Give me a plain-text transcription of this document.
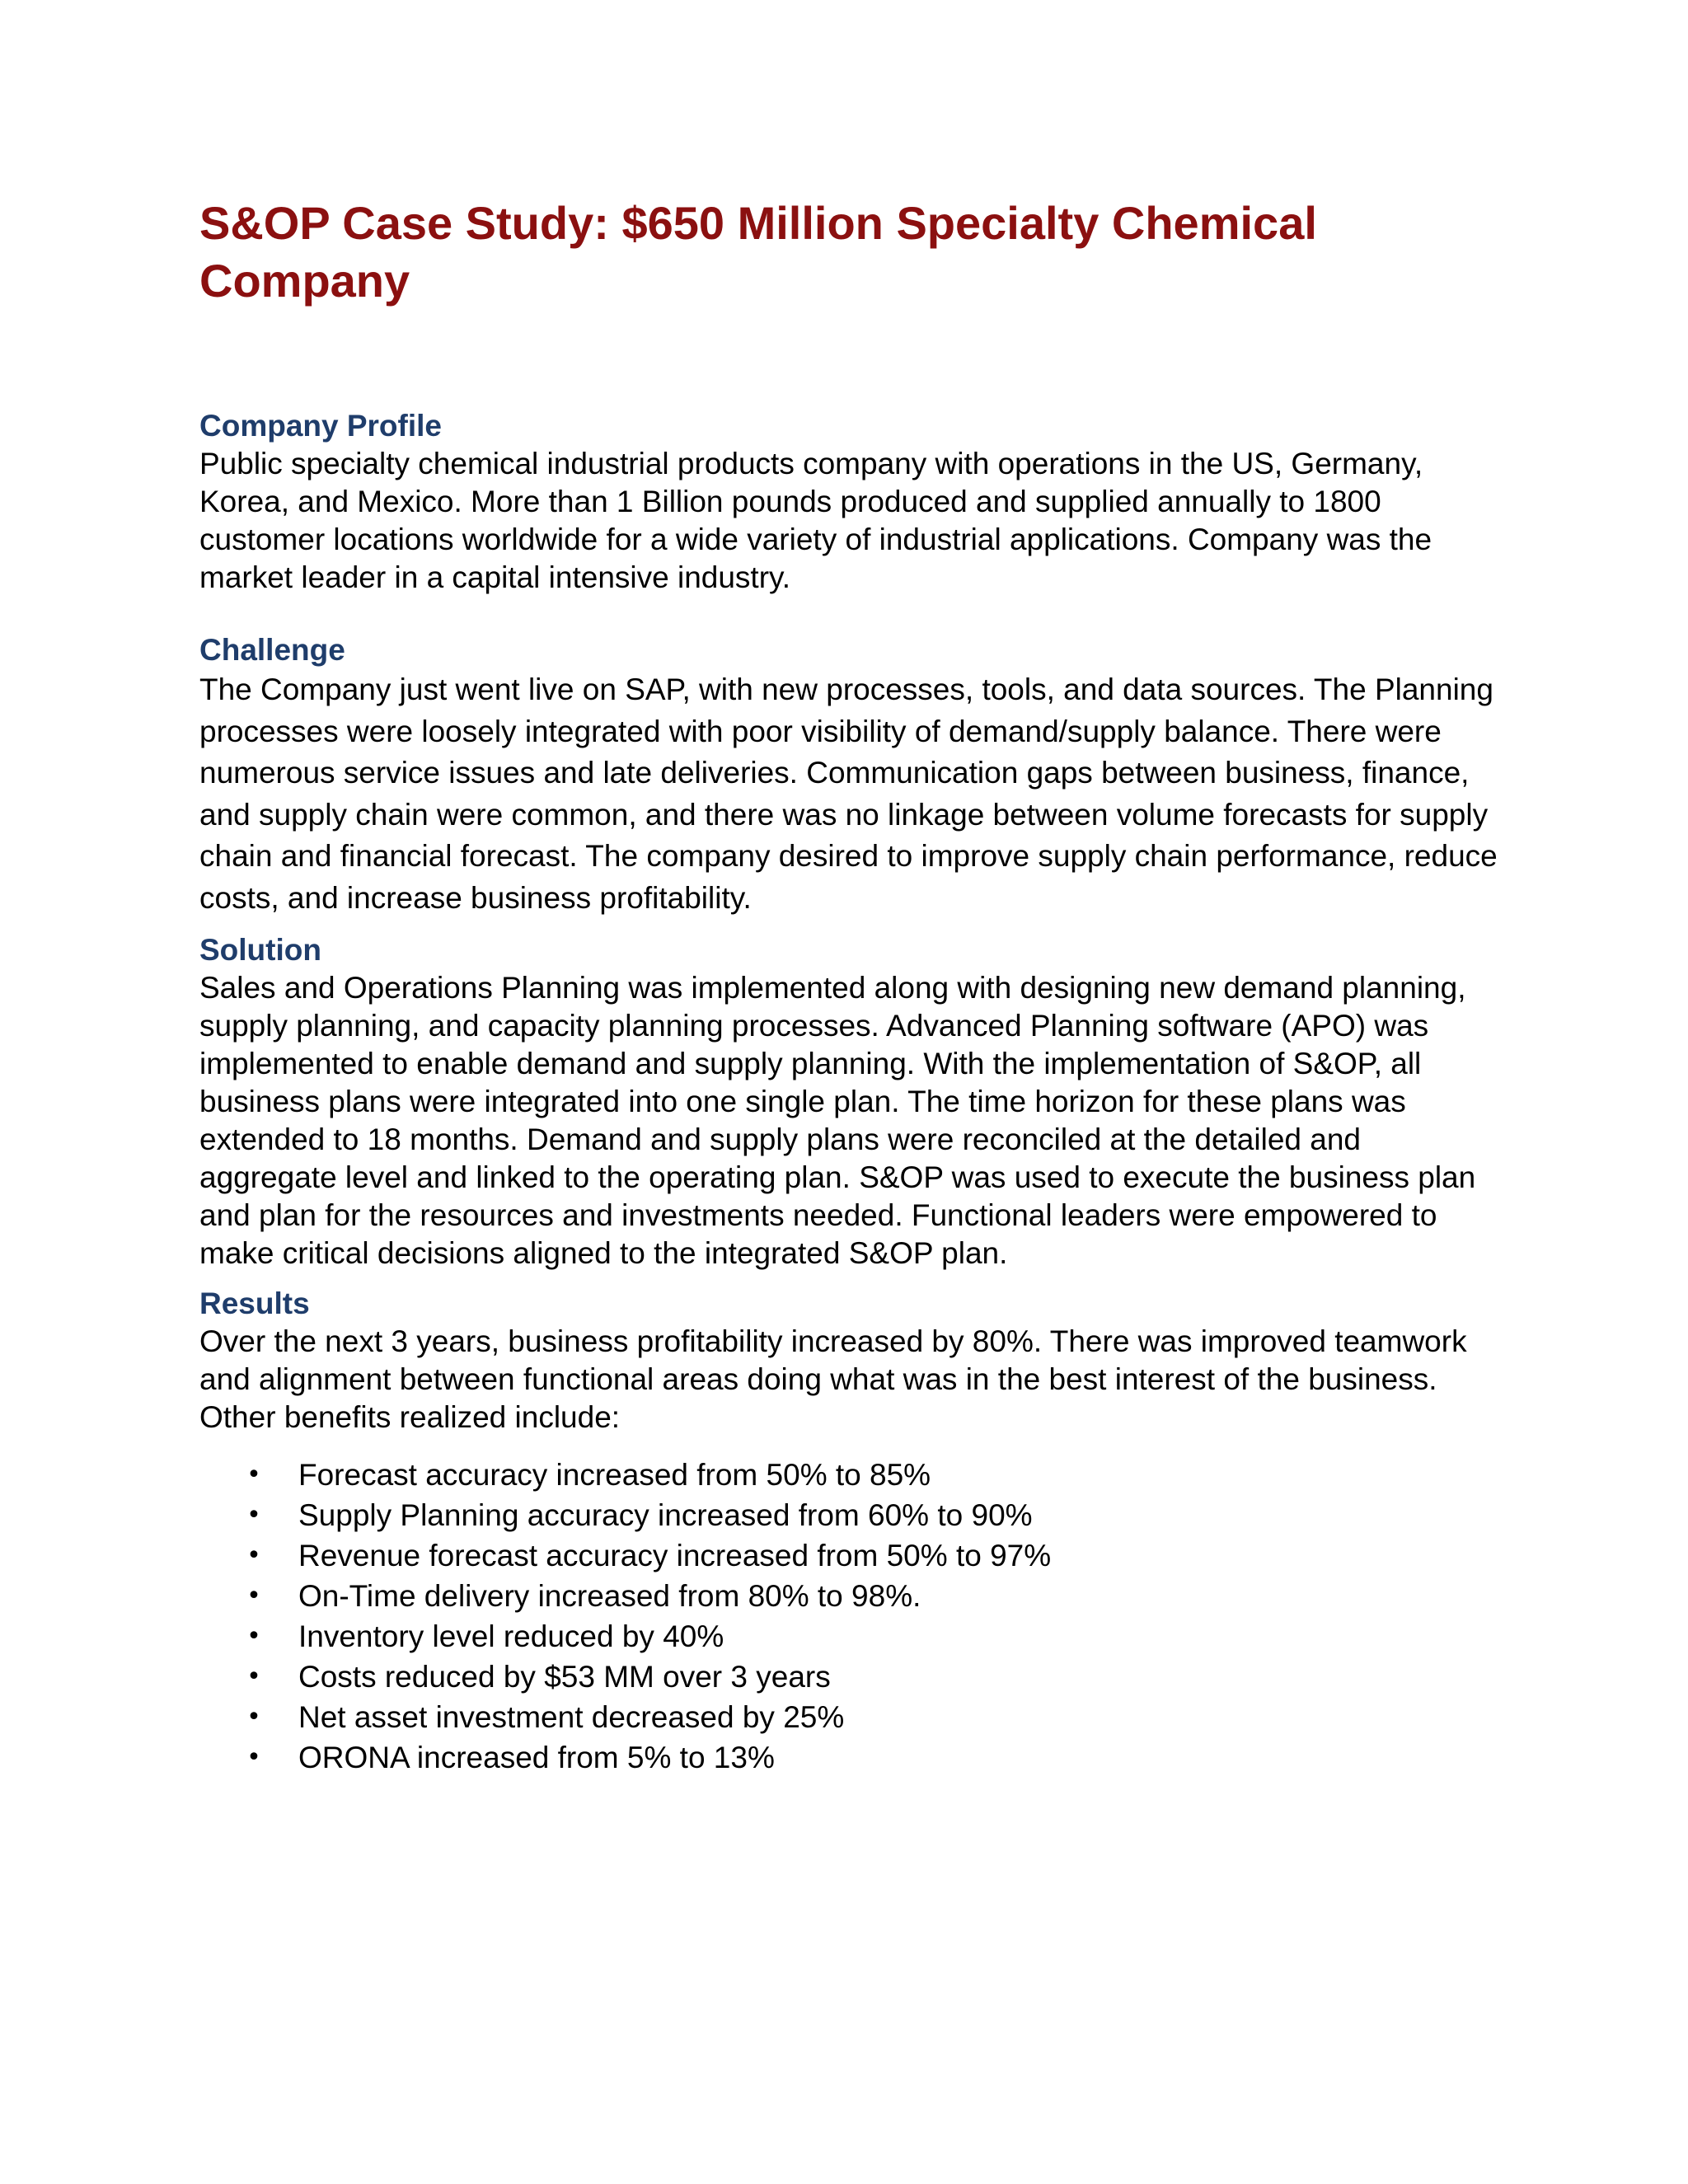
S&OP Case Study: $650 Million Specialty Chemical Company
Company Profile

Public specialty chemical industrial products company with operations in the US, Germany, Korea, and Mexico. More than 1 Billion pounds produced and supplied annually to 1800 customer locations worldwide for a wide variety of industrial applications. Company was the market leader in a capital intensive industry.

Challenge

The Company just went live on SAP, with new processes, tools, and data sources. The Planning processes were loosely integrated with poor visibility of demand/supply balance. There were numerous service issues and late deliveries. Communication gaps between business, finance, and supply chain were common, and there was no linkage between volume forecasts for supply chain and financial forecast. The company desired to improve supply chain performance, reduce costs, and increase business profitability.

Solution

Sales and Operations Planning was implemented along with designing new demand planning, supply planning, and capacity planning processes. Advanced Planning software (APO) was implemented to enable demand and supply planning. With the implementation of S&OP, all business plans were integrated into one single plan. The time horizon for these plans was extended to 18 months. Demand and supply plans were reconciled at the detailed and aggregate level and linked to the operating plan. S&OP was used to execute the business plan and plan for the resources and investments needed. Functional leaders were empowered to make critical decisions aligned to the integrated S&OP plan.

Results

Over the next 3 years, business profitability increased by 80%. There was improved teamwork and alignment between functional areas doing what was in the best interest of the business. Other benefits realized include:

• Forecast accuracy increased from 50% to 85%
• Supply Planning accuracy increased from 60% to 90%
• Revenue forecast accuracy increased from 50% to 97%
• On-Time delivery increased from 80% to 98%.
• Inventory level reduced by 40%
• Costs reduced by $53 MM over 3 years
• Net asset investment decreased by 25%
• ORONA increased from 5% to 13%
